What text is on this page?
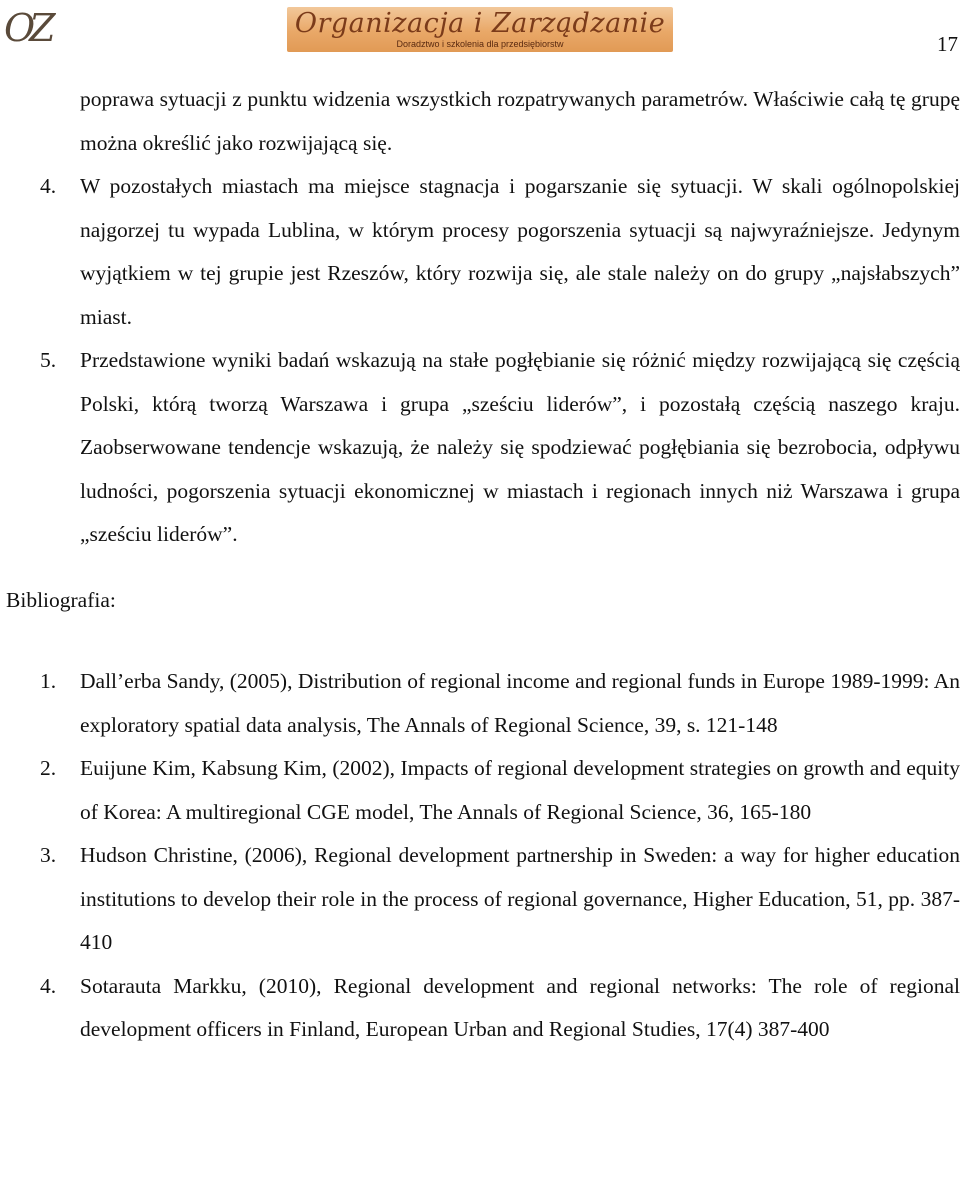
OZ	Organizacja i Zarządzanie
Doradztwo i szkolenia dla przedsiębiorstw	17

poprawa sytuacji z punktu widzenia wszystkich rozpatrywanych parametrów. Właściwie całą tę grupę można określić jako rozwijającą się.

4. W pozostałych miastach ma miejsce stagnacja i pogarszanie się sytuacji. W skali ogólnopolskiej najgorzej tu wypada Lublina, w którym procesy pogorszenia sytuacji są najwyraźniejsze. Jedynym wyjątkiem w tej grupie jest Rzeszów, który rozwija się, ale stale należy on do grupy „najsłabszych” miast.
5. Przedstawione wyniki badań wskazują na stałe pogłębianie się różnić między rozwijającą się częścią Polski, którą tworzą Warszawa i grupa „sześciu liderów”, i pozostałą częścią naszego kraju. Zaobserwowane tendencje wskazują, że należy się spodziewać pogłębiania się bezrobocia, odpływu ludności, pogorszenia sytuacji ekonomicznej w miastach i regionach innych niż Warszawa i grupa „sześciu liderów”.
Bibliografia:
1. Dall’erba Sandy, (2005), Distribution of regional income and regional funds in Europe 1989-1999: An exploratory spatial data analysis, The Annals of Regional Science, 39, s. 121-148
2. Euijune Kim, Kabsung Kim, (2002), Impacts of regional development strategies on growth and equity of Korea: A multiregional CGE model, The Annals of Regional Science, 36, 165-180
3. Hudson Christine, (2006), Regional development partnership in Sweden: a way for higher education institutions to develop their role in the process of regional governance, Higher Education, 51, pp. 387-410
4. Sotarauta Markku, (2010), Regional development and regional networks: The role of regional development officers in Finland, European Urban and Regional Studies, 17(4) 387-400
